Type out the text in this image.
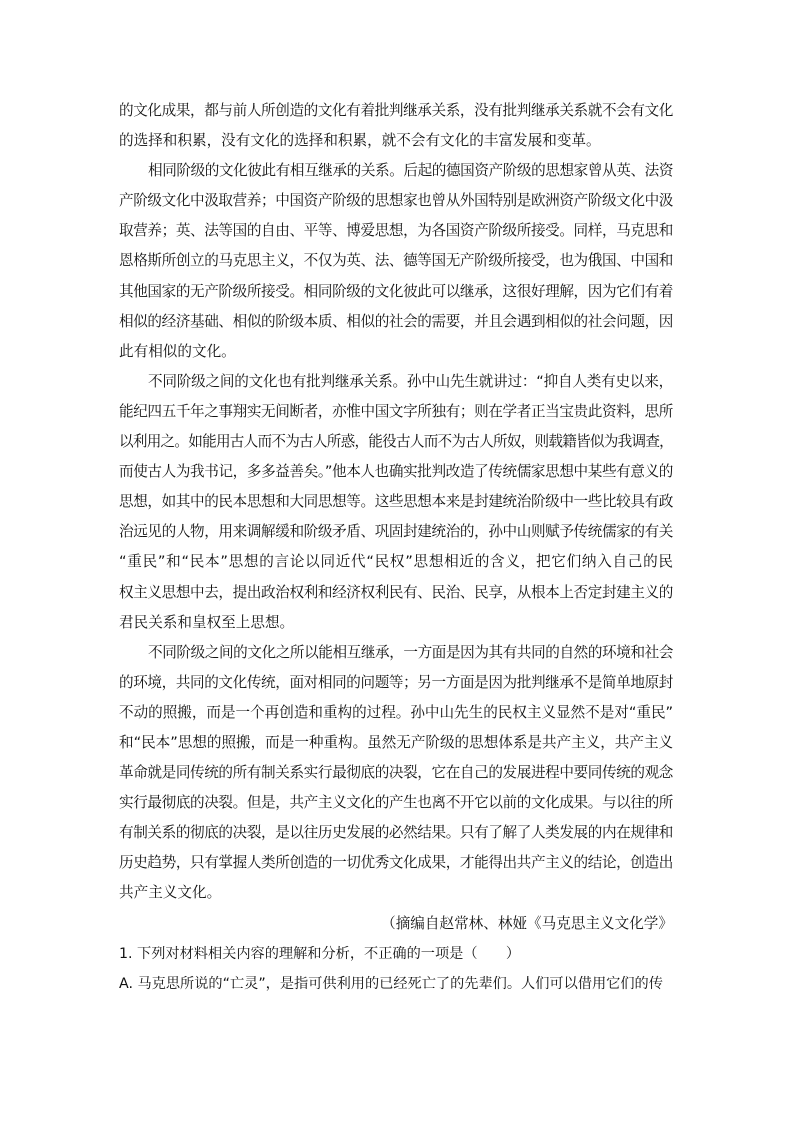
的文化成果，都与前人所创造的文化有着批判继承关系，没有批判继承关系就不会有文化
的选择和积累，没有文化的选择和积累，就不会有文化的丰富发展和变革。
相同阶级的文化彼此有相互继承的关系。后起的德国资产阶级的思想家曾从英、法资
产阶级文化中汲取营养；中国资产阶级的思想家也曾从外国特别是欧洲资产阶级文化中汲
取营养；英、法等国的自由、平等、博爱思想，为各国资产阶级所接受。同样，马克思和
恩格斯所创立的马克思主义，不仅为英、法、德等国无产阶级所接受，也为俄国、中国和
其他国家的无产阶级所接受。相同阶级的文化彼此可以继承，这很好理解，因为它们有着
相似的经济基础、相似的阶级本质、相似的社会的需要，并且会遇到相似的社会问题，因
此有相似的文化。
不同阶级之间的文化也有批判继承关系。孙中山先生就讲过：“抑自人类有史以来，
能纪四五千年之事翔实无间断者，亦惟中国文字所独有；则在学者正当宝贵此资料，思所
以利用之。如能用古人而不为古人所惑，能役古人而不为古人所奴，则载籍皆似为我调查，
而使古人为我书记，多多益善矣。”他本人也确实批判改造了传统儒家思想中某些有意义的
思想，如其中的民本思想和大同思想等。这些思想本来是封建统治阶级中一些比较具有政
治远见的人物，用来调解缓和阶级矛盾、巩固封建统治的，孙中山则赋予传统儒家的有关
“重民”和“民本”思想的言论以同近代“民权”思想相近的含义，把它们纳入自己的民
权主义思想中去，提出政治权利和经济权利民有、民治、民享，从根本上否定封建主义的
君民关系和皇权至上思想。
不同阶级之间的文化之所以能相互继承，一方面是因为其有共同的自然的环境和社会
的环境，共同的文化传统，面对相同的问题等；另一方面是因为批判继承不是简单地原封
不动的照搬，而是一个再创造和重构的过程。孙中山先生的民权主义显然不是对“重民”
和“民本”思想的照搬，而是一种重构。虽然无产阶级的思想体系是共产主义，共产主义
革命就是同传统的所有制关系实行最彻底的决裂，它在自己的发展进程中要同传统的观念
实行最彻底的决裂。但是，共产主义文化的产生也离不开它以前的文化成果。与以往的所
有制关系的彻底的决裂，是以往历史发展的必然结果。只有了解了人类发展的内在规律和
历史趋势，只有掌握人类所创造的一切优秀文化成果，才能得出共产主义的结论，创造出
共产主义文化。

（摘编自赵常林、林娅《马克思主义文化学》

1. 下列对材料相关内容的理解和分析，不正确的一项是（　　）

A. 马克思所说的“亡灵”，是指可供利用的已经死亡了的先辈们。人们可以借用它们的传
